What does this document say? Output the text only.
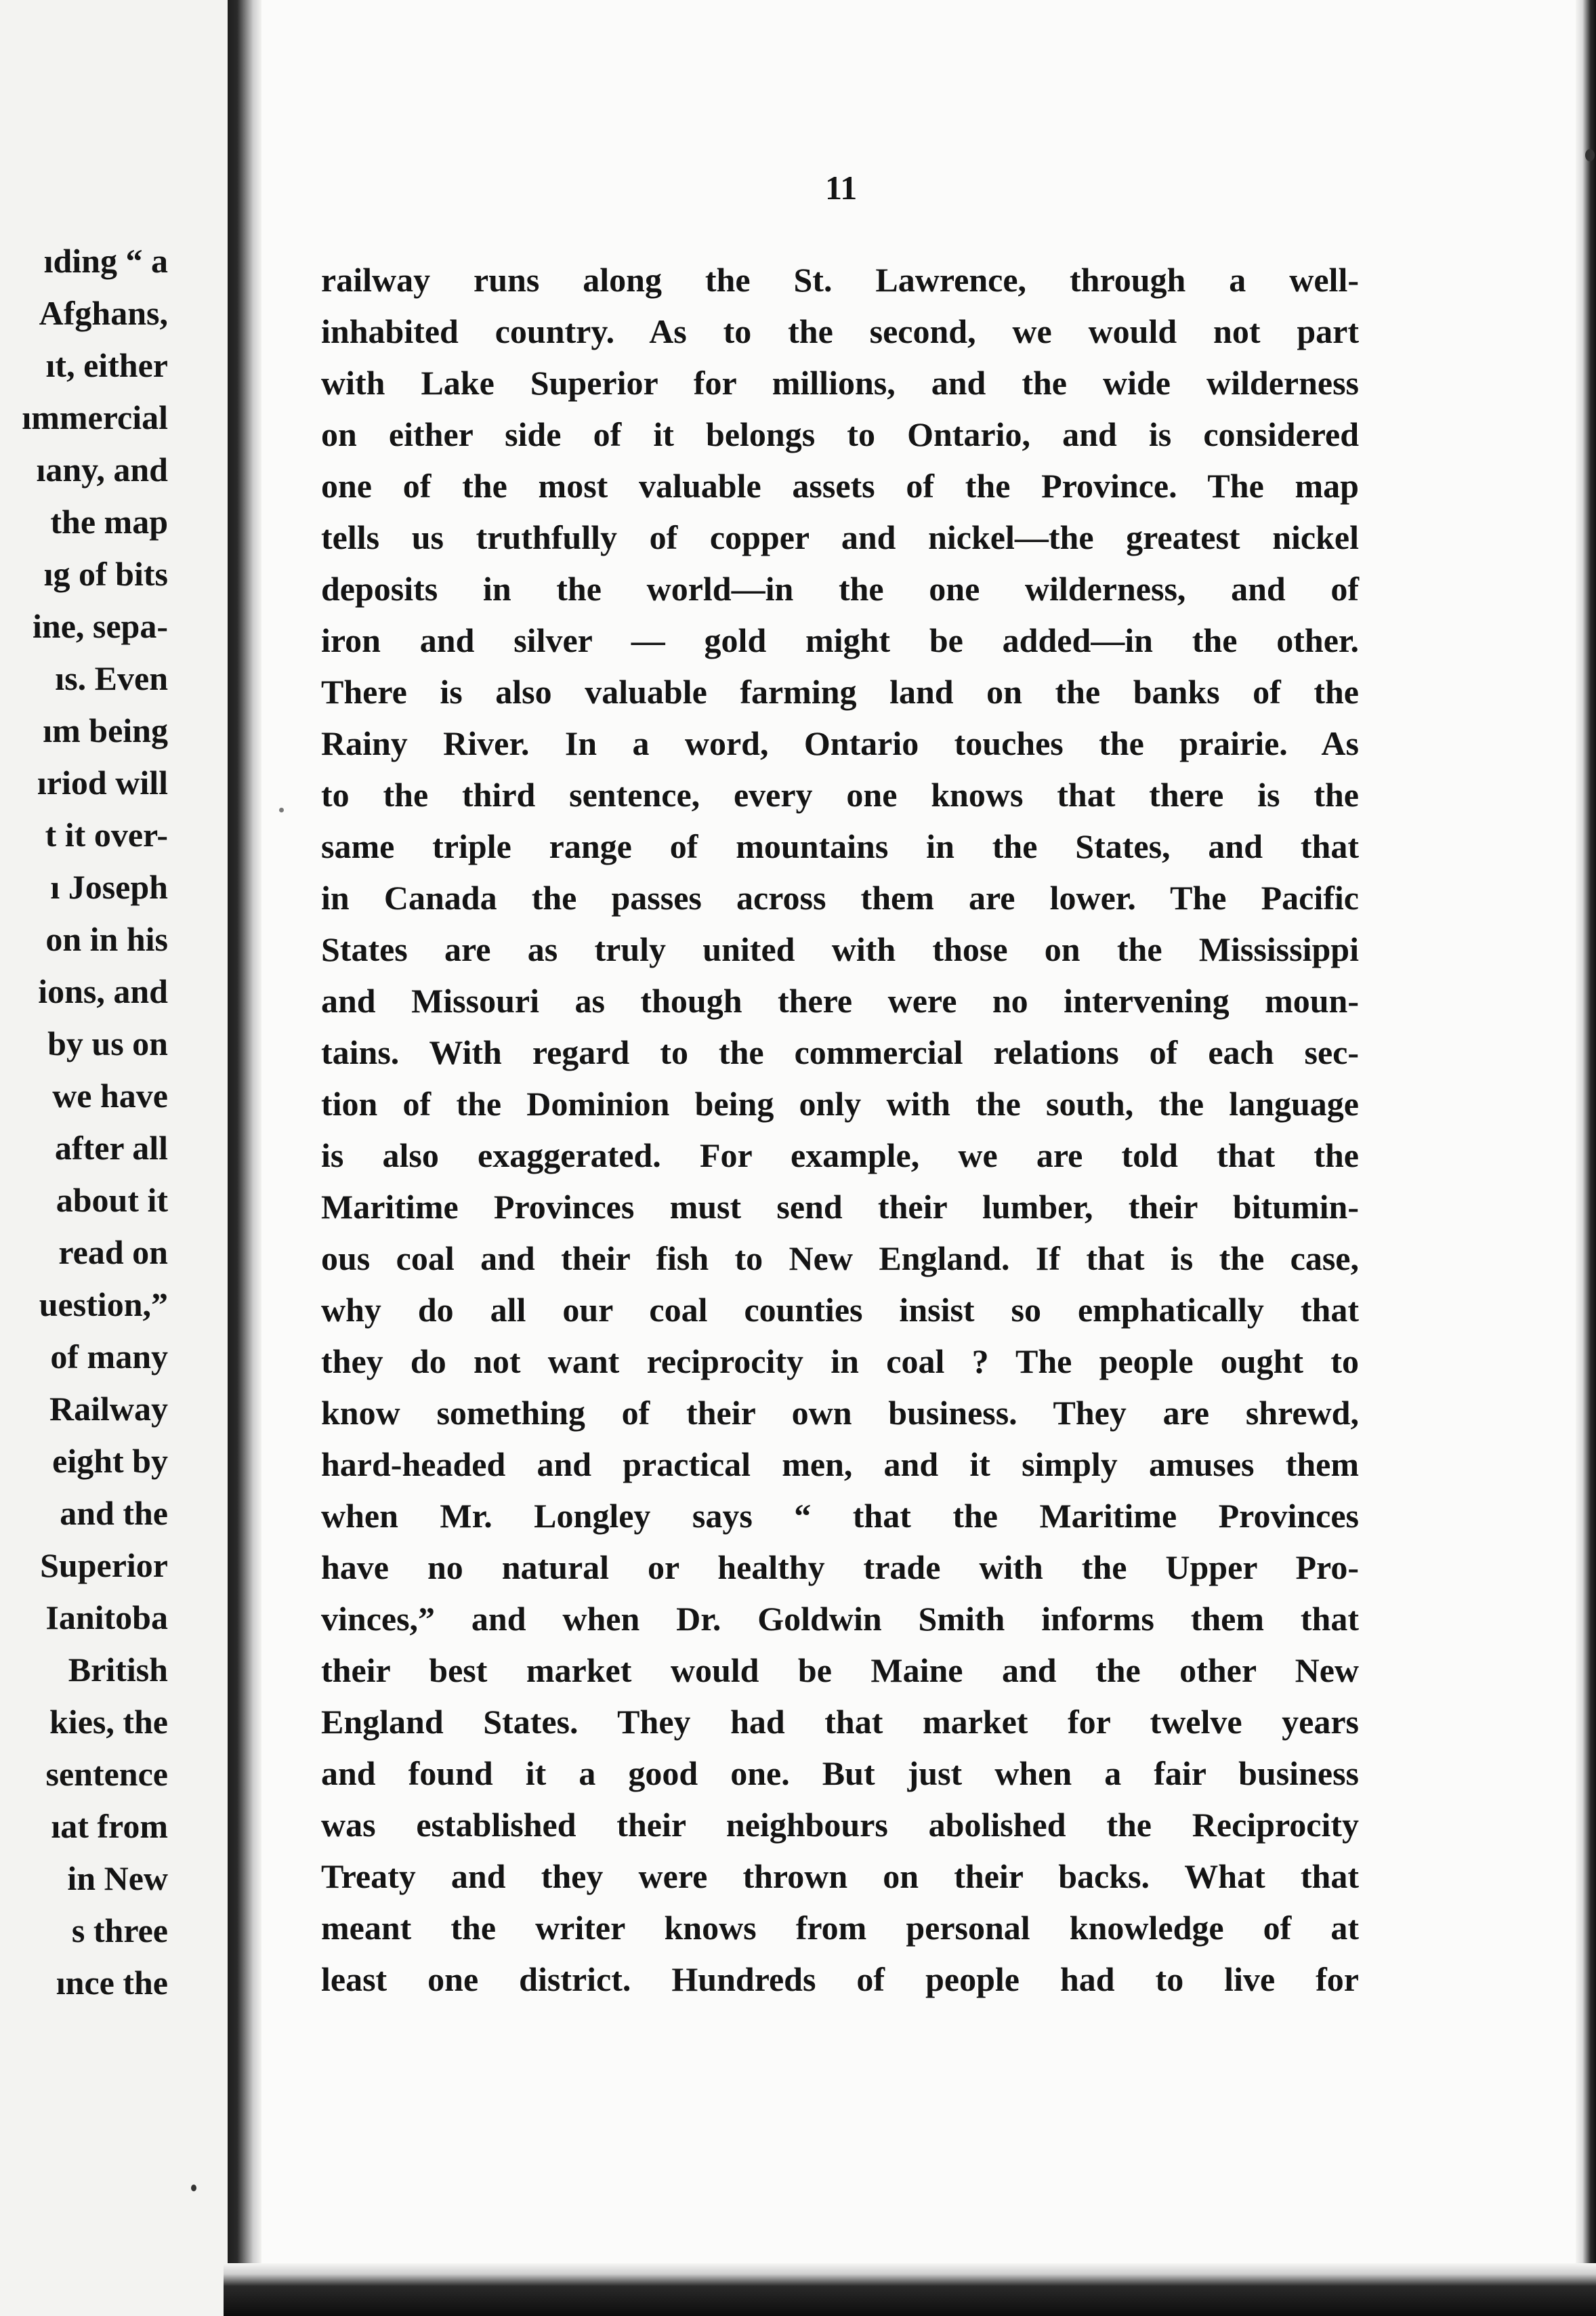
ıding “ a
Afghans,
ıt, either
ımmercial
ıany, and
the map
ıg of bits
ine, sepa-
ıs. Even
ım being
ıriod will
t it over-
ı Joseph
on in his
ions, and
by us on
we have
after all
about it
read on
uestion,”
of many
Railway
eight by
and the
Superior
Ianitoba
British
kies, the
sentence
ıat from
in New
s three
ınce the
11
railway runs along the St. Lawrence, through a well-
inhabited country. As to the second, we would not part
with Lake Superior for millions, and the wide wilderness
on either side of it belongs to Ontario, and is considered
one of the most valuable assets of the Province. The map
tells us truthfully of copper and nickel—the greatest nickel
deposits in the world—in the one wilderness, and of
iron and silver — gold might be added—in the other.
There is also valuable farming land on the banks of the
Rainy River. In a word, Ontario touches the prairie. As
to the third sentence, every one knows that there is the
same triple range of mountains in the States, and that
in Canada the passes across them are lower. The Pacific
States are as truly united with those on the Mississippi
and Missouri as though there were no intervening moun-
tains. With regard to the commercial relations of each sec-
tion of the Dominion being only with the south, the language
is also exaggerated. For example, we are told that the
Maritime Provinces must send their lumber, their bitumin-
ous coal and their fish to New England. If that is the case,
why do all our coal counties insist so emphatically that
they do not want reciprocity in coal ? The people ought to
know something of their own business. They are shrewd,
hard-headed and practical men, and it simply amuses them
when Mr. Longley says “ that the Maritime Provinces
have no natural or healthy trade with the Upper Pro-
vinces,” and when Dr. Goldwin Smith informs them that
their best market would be Maine and the other New
England States. They had that market for twelve years
and found it a good one. But just when a fair business
was established their neighbours abolished the Reciprocity
Treaty and they were thrown on their backs. What that
meant the writer knows from personal knowledge of at
least one district. Hundreds of people had to live for
